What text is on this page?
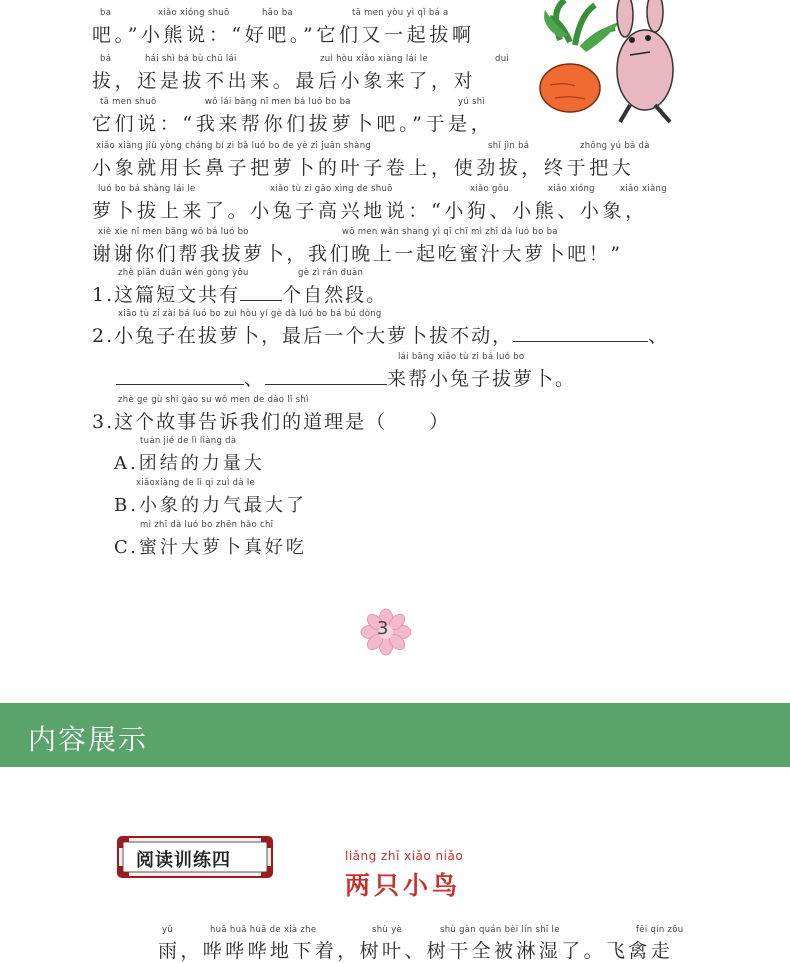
ba	xiǎo xióng shuō	hǎo ba	tā men yòu yì qǐ bá a
吧。”小熊说：“好吧。”它们又一起拔啊
bá	hái shì bá bù chū lái	zuì hòu xiǎo xiàng lái le	duì
拔，还是拔不出来。最后小象来了，对
tā men shuō	wǒ lái bāng nǐ men bá luó bo ba	yú shì
它们说：“我来帮你们拔萝卜吧。”于是，
xiǎo xiàng jiù yòng cháng bí zi bǎ luó bo de yè zi juǎn shàng	shǐ jìn bá	zhōng yú bǎ dà
小象就用长鼻子把萝卜的叶子卷上，使劲拔，终于把大
luó bo bá shàng lái le	xiǎo tù zi gāo xìng de shuō	xiǎo gǒu	xiǎo xióng	xiǎo xiàng
萝卜拔上来了。小兔子高兴地说：“小狗、小熊、小象，
xiè xie nǐ men bāng wǒ bá luó bo	wǒ men wǎn shang yì qǐ chī mì zhī dà luó bo ba
谢谢你们帮我拔萝卜，我们晚上一起吃蜜汁大萝卜吧！”
zhè piān duǎn wén gòng yǒu	gè zì rán duàn
1.这篇短文共有 个自然段。
xiǎo tù zi zài bá luó bo zuì hòu yí gè dà luó bo bá bú dòng
2.小兔子在拔萝卜，最后一个大萝卜拔不动，	、
lái bāng xiǎo tù zi bá luó bo
、	来帮小兔子拔萝卜。
zhè ge gù shi gào su wǒ men de dào lǐ shì
3.这个故事告诉我们的道理是（　　）
tuán jié de lì liàng dà
A.团结的力量大
xiǎoxiàng de lì qi zuì dà le
B.小象的力气最大了
mì zhī dà luó bo zhēn hǎo chī
C.蜜汁大萝卜真好吃
3
内容展示
阅读训练四	liǎng zhī xiǎo niǎo
两只小鸟
yǔ	huā huā huā de xià zhe	shù yè	shù gàn quán bèi lín shī le	fēi qín zǒu
雨，哗哗哗地下着，树叶、树干全被淋湿了。飞禽走
